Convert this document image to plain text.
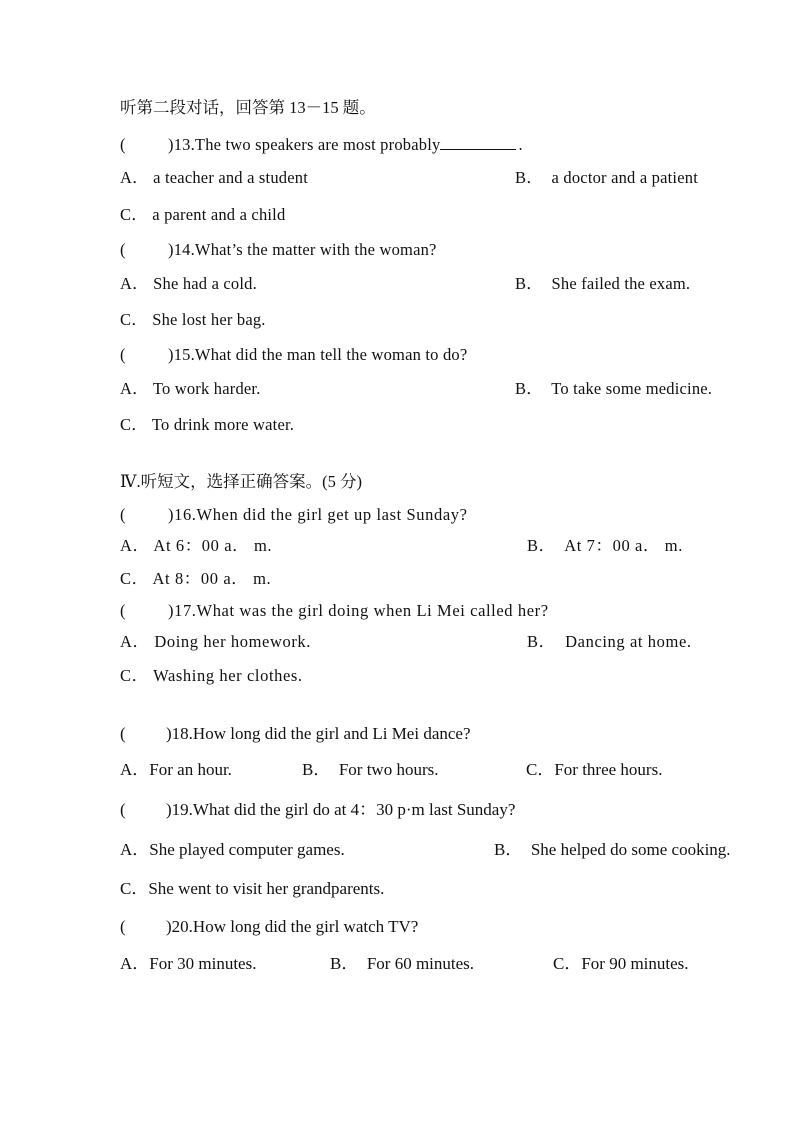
听第二段对话，回答第 13－15 题。
(	)13.The two speakers are most probably	.
A． a teacher and a student	B．  a doctor and a patient
C． a parent and a child
(	)14.What’s the matter with the woman?
A． She had a cold.	B．  She failed the exam.
C． She lost her bag.
(	)15.What did the man tell the woman to do?
A． To work harder.	B．  To take some medicine.
C． To drink more water.
Ⅳ.听短文，选择正确答案。(5 分)
(	)16.When did the girl get up last Sunday?
A． At 6：00 a． m.	B．  At 7：00 a． m.
C． At 8：00 a． m.
(	)17.What was the girl doing when Li Mei called her?
A． Doing her homework.	B．  Dancing at home.
C． Washing her clothes.
( )18.How long did the girl and Li Mei dance?
A．For an hour.	B．  For two hours.	C．For three hours.
( )19.What did the girl do at 4：30 p·m last Sunday?
A．She played computer games.	B．  She helped do some cooking.
C．She went to visit her grandparents.
( )20.How long did the girl watch TV?
A．For 30 minutes.	B．  For 60 minutes.	C．For 90 minutes.
